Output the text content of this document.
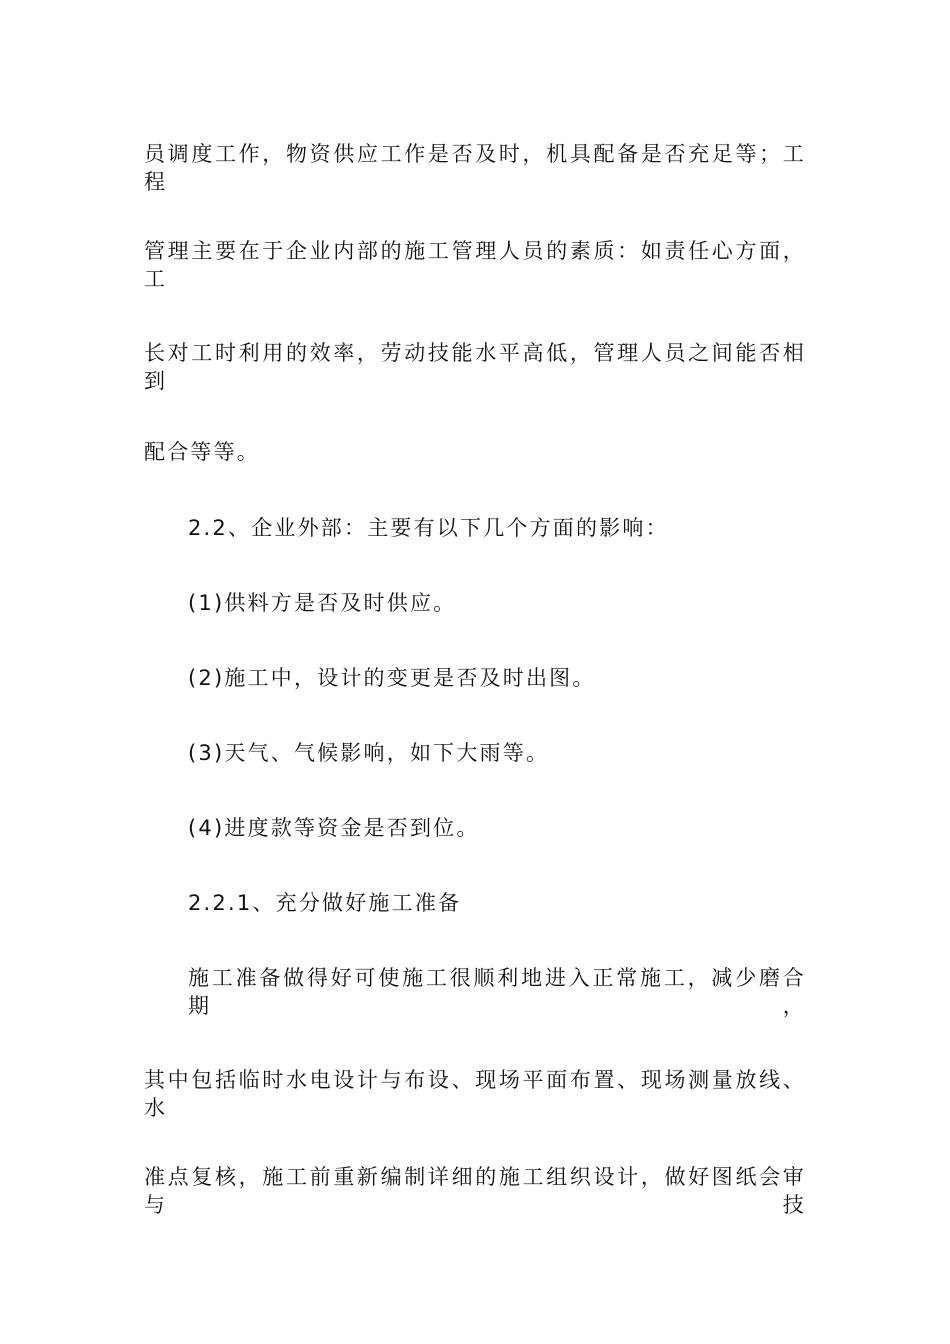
员调度工作，物资供应工作是否及时，机具配备是否充足等；工程
管理主要在于企业内部的施工管理人员的素质：如责任心方面，工
长对工时利用的效率，劳动技能水平高低，管理人员之间能否相到
配合等等。
2.2、企业外部：主要有以下几个方面的影响：
(1)供料方是否及时供应。
(2)施工中，设计的变更是否及时出图。
(3)天气、气候影响，如下大雨等。
(4)进度款等资金是否到位。
2.2.1、充分做好施工准备
施工准备做得好可使施工很顺利地进入正常施工，减少磨合期，
其中包括临时水电设计与布设、现场平面布置、现场测量放线、水
准点复核，施工前重新编制详细的施工组织设计，做好图纸会审与技
